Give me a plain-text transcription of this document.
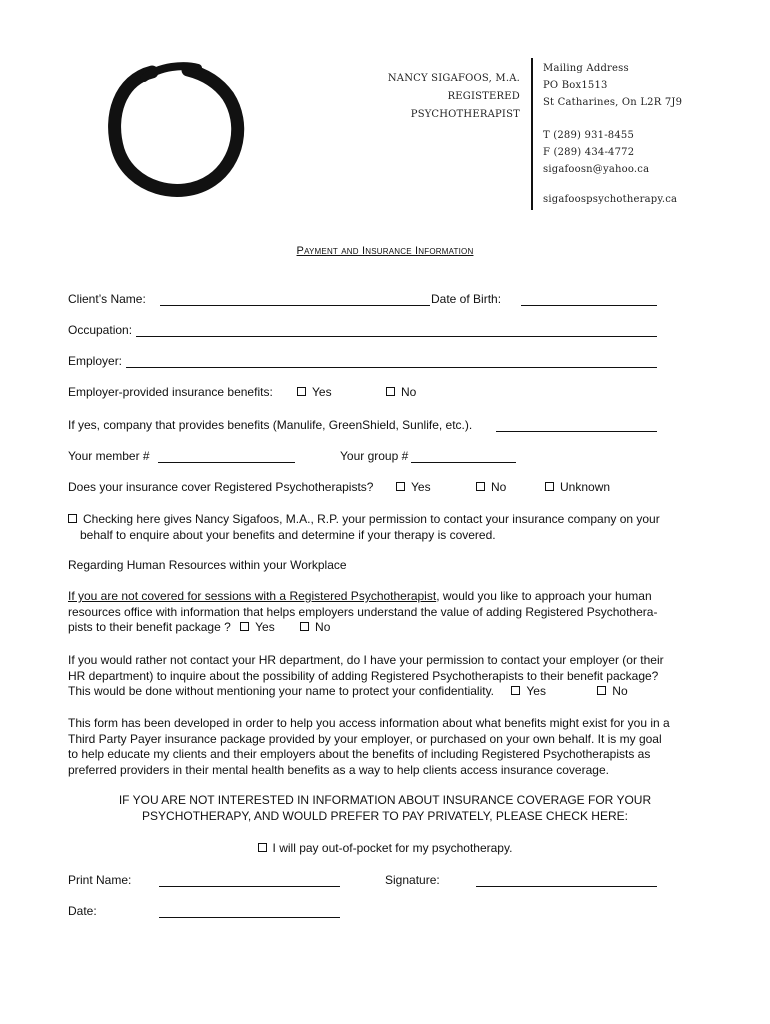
NANCY SIGAFOOS, M.A.
REGISTERED
PSYCHOTHERAPIST
Mailing Address
PO Box1513
St Catharines, On L2R 7J9
T (289) 931-8455
F (289) 434-4772
sigafoosn@yahoo.ca
sigafoospsychotherapy.ca
Payment and Insurance Information
Client’s Name:	Date of Birth:
Occupation:
Employer:
Employer-provided insurance benefits:	Yes	No
If yes, company that provides benefits (Manulife, GreenShield, Sunlife, etc.).
Your member #	Your group #
Does your insurance cover Registered Psychotherapists?	Yes	No	Unknown
Checking here gives Nancy Sigafoos, M.A., R.P. your permission to contact your insurance company on your
behalf to enquire about your benefits and determine if your therapy is covered.
Regarding Human Resources within your Workplace
If you are not covered for sessions with a Registered Psychotherapist, would you like to approach your human
resources office with information that helps employers understand the value of adding Registered Psychothera-
pists to their benefit package ? Yes	No
If you would rather not contact your HR department, do I have your permission to contact your employer (or their
HR department) to inquire about the possibility of adding Registered Psychotherapists to their benefit package?
This would be done without mentioning your name to protect your confidentiality.	Yes	No
This form has been developed in order to help you access information about what benefits might exist for you in a
Third Party Payer insurance package provided by your employer, or purchased on your own behalf. It is my goal
to help educate my clients and their employers about the benefits of including Registered Psychotherapists as
preferred providers in their mental health benefits as a way to help clients access insurance coverage.
IF YOU ARE NOT INTERESTED IN INFORMATION ABOUT INSURANCE COVERAGE FOR YOUR
PSYCHOTHERAPY, AND WOULD PREFER TO PAY PRIVATELY, PLEASE CHECK HERE:
I will pay out-of-pocket for my psychotherapy.
Print Name:	Signature:
Date:
